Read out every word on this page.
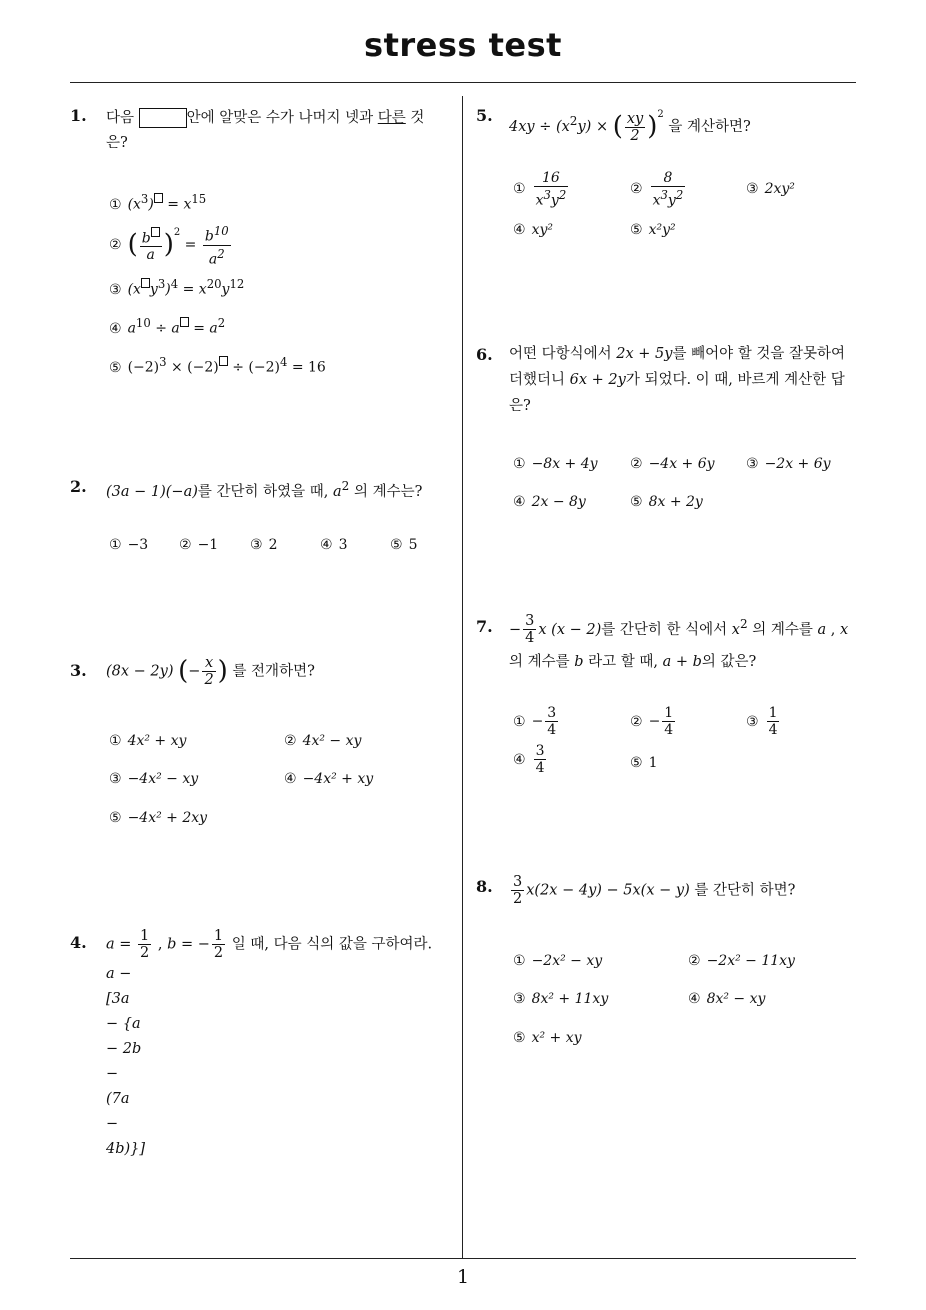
stress test
1
1. 다음	안에 알맞은 수가 나머지 넷과 다른 것
은?
① $(x^3) = x^{15}$
② ( $\frac{b}{a} )^2 = \frac{b^{10}}{a^2}$
③ (x $y^3)^4 = x^{20}y^{12}$
④ $a^{10} \div a = a^2$
⑤ $(-2)^3 \times (-2) \div (-2)^4 = 16$
2. (3a − 1)(−a)를 간단히 하였을 때, $a^2$ 의 계수는?
① −3 ② −1 ③ 2	④ 3	⑤ 5
3. (8x − 2y) (− $\frac{x}{2}$ ) 를 전개하면?
① 4x² + xy	② 4x² − xy
③ −4x² − xy	④ −4x² + xy
⑤ −4x² + 2xy
4. $a = \frac{1}{2}$ , b = − $\frac{1}{2}$ 일 때, 다음 식의 값을 구하여라.
a − [3a − {a − 2b − (7a − 4b)}]
5.
$4xy \div (x^2y)$ × ( $\frac{xy}{2} )^2$ 을 계산하면?
① $\frac{16}{x^3y^2}$	② $\frac{8}{x^3y^2}$	③ 2xy²
④ xy²	⑤ x²y²
6. 어떤 다항식에서 2x + 5y를 빼어야 할 것을 잘못하여
더했더니 6x + 2y가 되었다. 이 때, 바르게 계산한 답
은?
① −8x + 4y ② −4x + 6y ③ −2x + 6y
④ 2x − 8y	⑤ 8x + 2y
7. − $\frac{3}{4}$ x (x − 2)를 간단히 한 식에서 $x^2$ 의 계수를 a , x
의 계수를 b 라고 할 때, a + b의 값은?
① − $\frac{3}{4}$	② − $\frac{1}{4}$	③ $\frac{1}{4}$
④ $\frac{3}{4}$	⑤ 1
8. $\frac{3}{2} x(2x - 4y) - 5x(x - y)$ 를 간단히 하면?
① −2x² − xy	② −2x² − 11xy
③ 8x² + 11xy	④ 8x² − xy
⑤ x² + xy
